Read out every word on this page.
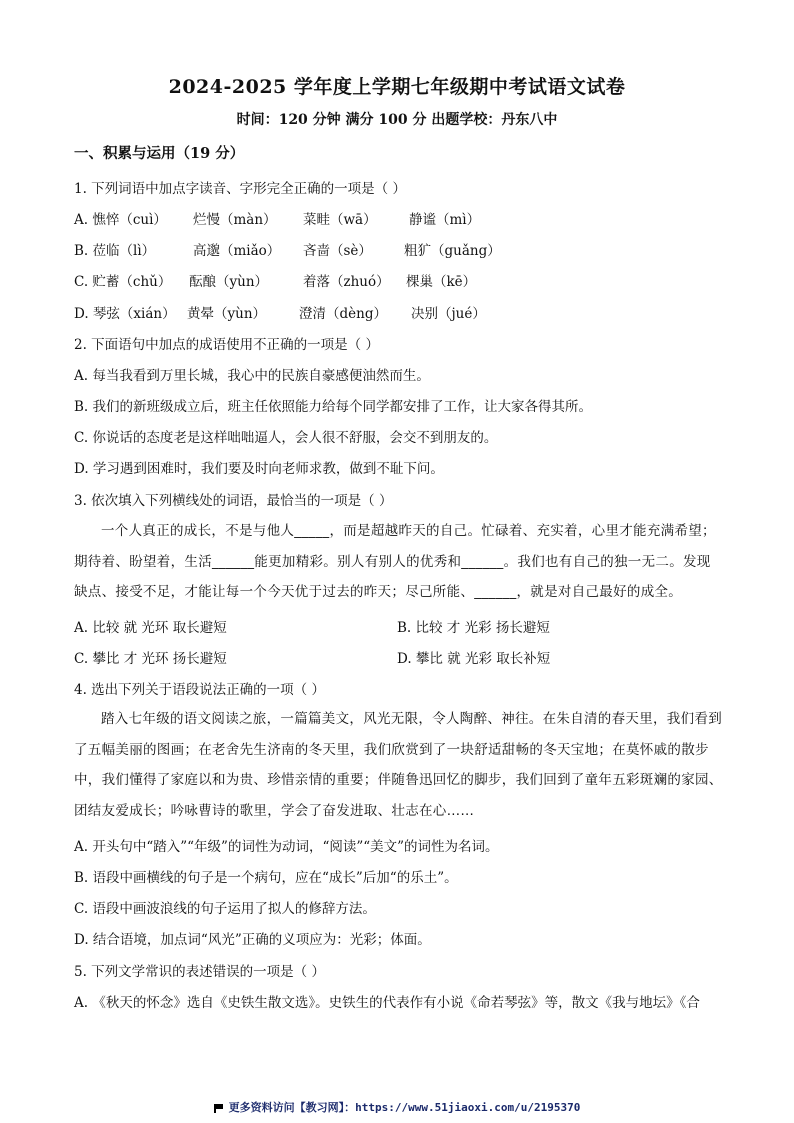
2024-2025 学年度上学期七年级期中考试语文试卷
时间：120 分钟 满分 100 分 出题学校：丹东八中
一、积累与运用（19 分）
1. 下列词语中加点字读音、字形完全正确的一项是（ ）
A. 憔悴（cuì） 烂慢（màn） 菜畦（wā） 静谧（mì）
B. 莅临（lì）	高邈（miǎo） 吝啬（sè） 粗犷（guǎng）
C. 贮蓄（chǔ） 酝酿（yùn）	着落（zhuó） 棵巢（kē）
D. 琴弦（xián） 黄晕（yùn） 澄清（dèng） 决别（jué）
2. 下面语句中加点的成语使用不正确的一项是（ ）
A. 每当我看到万里长城，我心中的民族自豪感便油然而生。
B. 我们的新班级成立后，班主任依照能力给每个同学都安排了工作，让大家各得其所。
C. 你说话的态度老是这样咄咄逼人，会人很不舒服，会交不到朋友的。
D. 学习遇到困难时，我们要及时向老师求教，做到不耻下问。
3. 依次填入下列横线处的词语，最恰当的一项是（ ）
一个人真正的成长，不是与他人_____，而是超越昨天的自己。忙碌着、充实着，心里才能充满希望；期待着、盼望着，生活______能更加精彩。别人有别人的优秀和______。我们也有自己的独一无二。发现缺点、接受不足，才能让每一个今天优于过去的昨天；尽己所能、______，就是对自己最好的成全。
A. 比较 就 光环 取长避短	B. 比较 才 光彩 扬长避短
C. 攀比 才 光环 扬长避短	D. 攀比 就 光彩 取长补短
4. 选出下列关于语段说法正确的一项（ ）
踏入七年级的语文阅读之旅，一篇篇美文，风光无限，令人陶醉、神往。在朱自清的春天里，我们看到了五幅美丽的图画；在老舍先生济南的冬天里，我们欣赏到了一块舒适甜畅的冬天宝地；在莫怀戚的散步中，我们懂得了家庭以和为贵、珍惜亲情的重要；伴随鲁迅回忆的脚步，我们回到了童年五彩斑斓的家园、团结友爱成长；吟咏曹诗的歌里，学会了奋发进取、壮志在心……
A. 开头句中“踏入”“年级”的词性为动词，“阅读”“美文”的词性为名词。
B. 语段中画横线的句子是一个病句，应在“成长”后加“的乐土”。
C. 语段中画波浪线的句子运用了拟人的修辞方法。
D. 结合语境，加点词“风光”正确的义项应为：光彩；体面。
5. 下列文学常识的表述错误的一项是（ ）
A. 《秋天的怀念》选自《史铁生散文选》。史铁生的代表作有小说《命若琴弦》等，散文《我与地坛》《合
更多资料访问【教习网】：https://www.51jiaoxi.com/u/2195370
